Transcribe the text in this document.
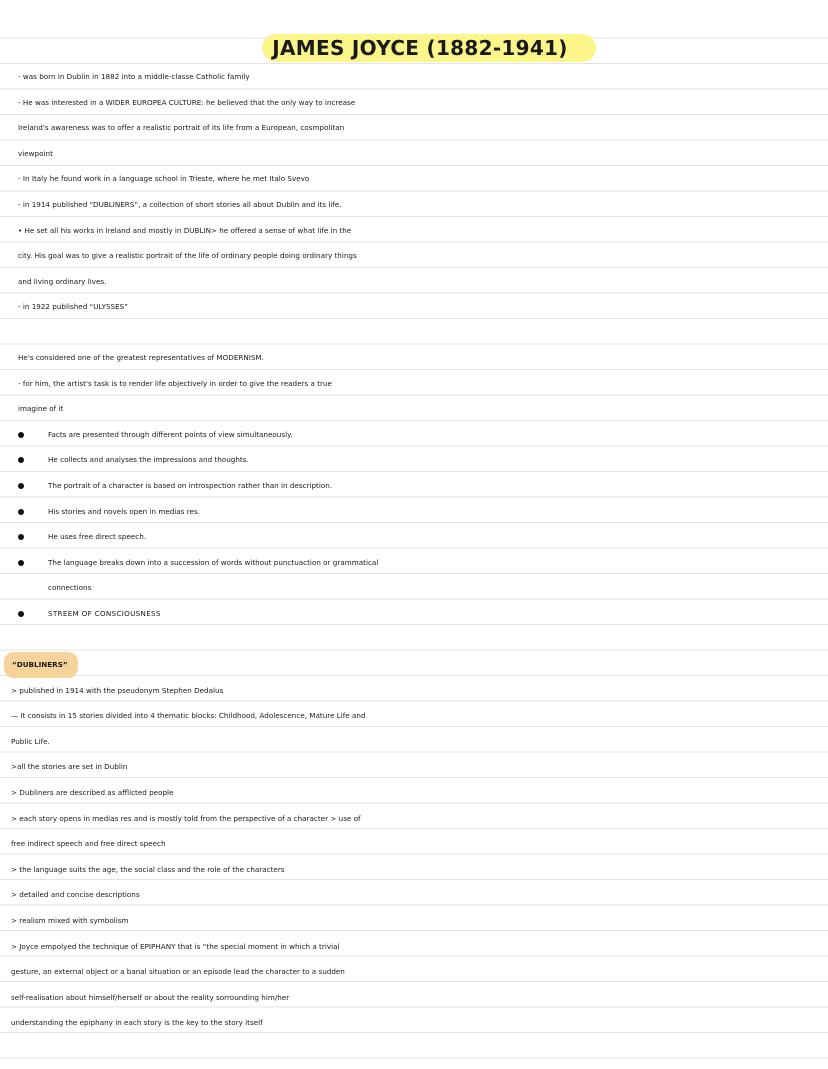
JAMES JOYCE (1882-1941)
- was born in Dublin in 1882 into a middle-classe Catholic family
- He was interested in a WIDER EUROPEA CULTURE: he believed that the only way to increase
Ireland's awareness was to offer a realistic portrait of its life from a European, cosmpolitan
viewpoint
- In Italy he found work in a language school in Trieste, where he met Italo Svevo
- in 1914 published “DUBLINERS”, a collection of short stories all about Dublin and its life.
• He set all his works in Ireland and mostly in DUBLIN> he offered a sense of what life in the
city. His goal was to give a realistic portrait of the life of ordinary people doing ordinary things
and living ordinary lives.
- in 1922 published “ULYSSES”
He's considered one of the greatest representatives of MODERNISM.
- for him, the artist's task is to render life objectively in order to give the readers a true
imagine of it
Facts are presented through different points of view simultaneously.
He collects and analyses the impressions and thoughts.
The portrait of a character is based on introspection rather than in description.
His stories and novels open in medias res.
He uses free direct speech.
The language breaks down into a succession of words without punctuaction or grammatical
connections
STREEM OF CONSCIOUSNESS
“DUBLINERS”
> published in 1914 with the pseudonym Stephen Dedalus
— It consists in 15 stories divided into 4 thematic blocks: Childhood, Adolescence, Mature Life and
Public Life.
>all the stories are set in Dublin
> Dubliners are described as afflicted people
> each story opens in medias res and is mostly told from the perspective of a character > use of
free indirect speech and free direct speech
> the language suits the age, the social class and the role of the characters
> detailed and concise descriptions
> realism mixed with symbolism
> Joyce empolyed the technique of EPIPHANY that is “the special moment in which a trivial
gesture, an external object or a banal situation or an episode lead the character to a sudden
self-realisation about himself/herself or about the reality sorrounding him/her
understanding the epiphany in each story is the key to the story itself
